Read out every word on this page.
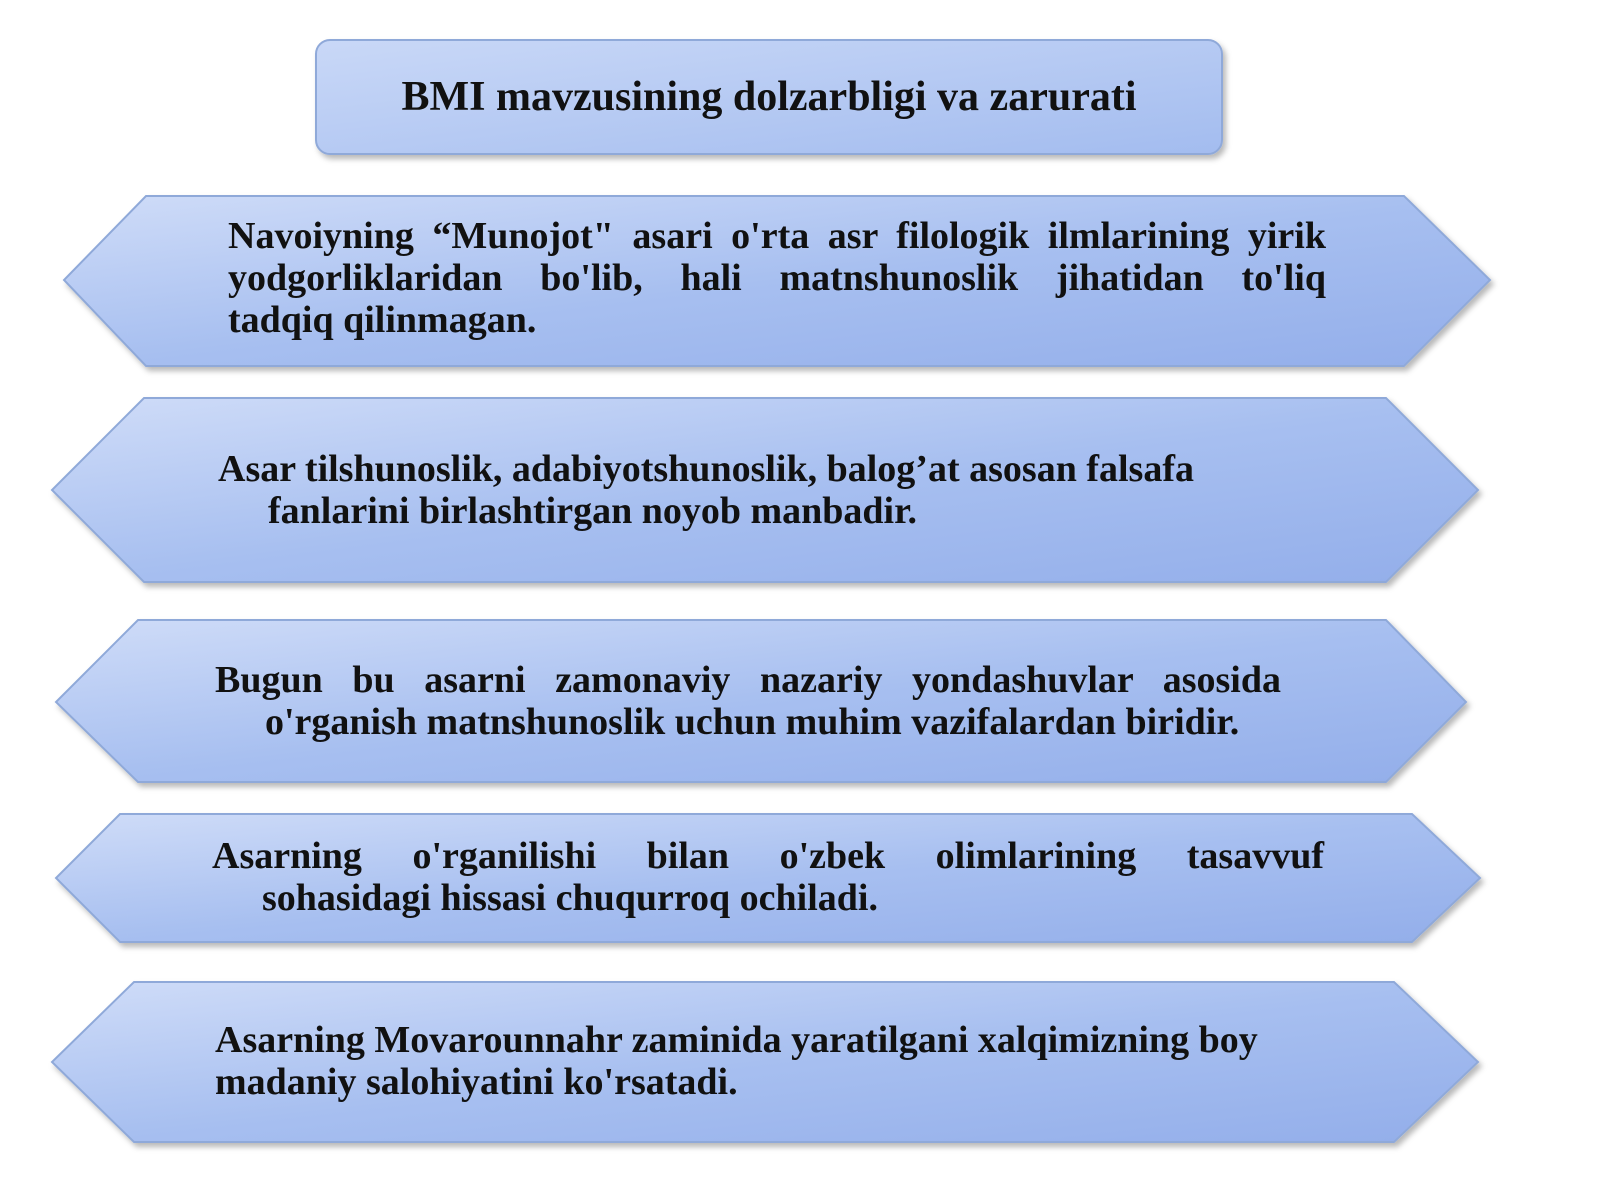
BMI mavzusining dolzarbligi va zarurati
Navoiyning “Munojot" asari o'rta asr filologik ilmlarining yirik
yodgorliklaridan bo'lib, hali matnshunoslik jihatidan to'liq
tadqiq qilinmagan.
Asar tilshunoslik, adabiyotshunoslik, balog’at asosan falsafa
fanlarini birlashtirgan noyob manbadir.
Bugun bu asarni zamonaviy nazariy yondashuvlar asosida
o'rganish matnshunoslik uchun muhim vazifalardan biridir.
Asarning o'rganilishi bilan o'zbek olimlarining tasavvuf
sohasidagi hissasi chuqurroq ochiladi.
Asarning Movarounnahr zaminida yaratilgani xalqimizning boy
madaniy salohiyatini ko'rsatadi.
